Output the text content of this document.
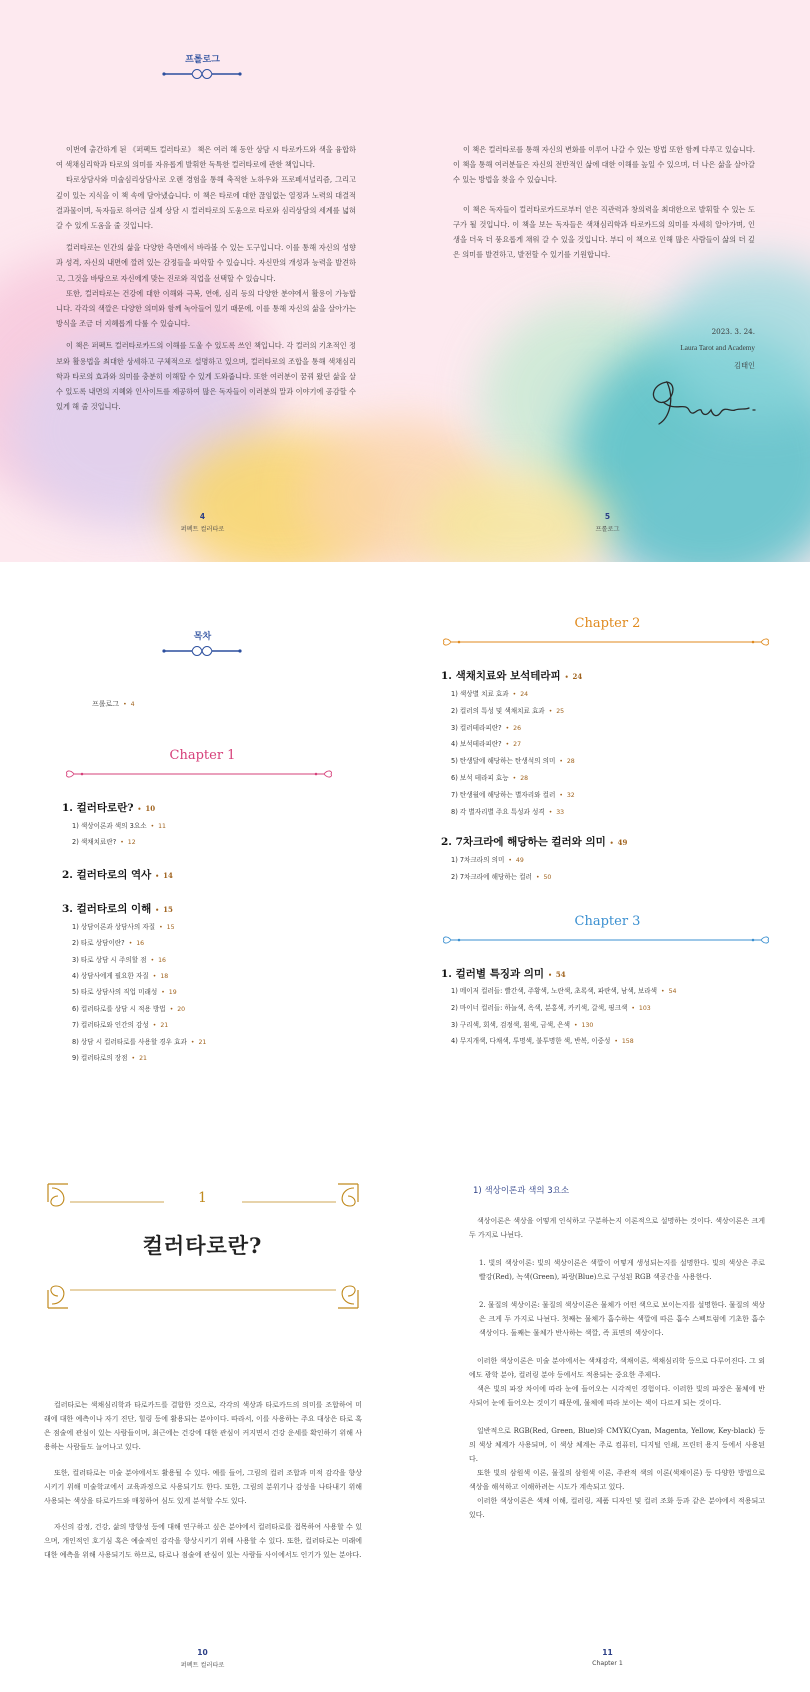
프롤로그
이번에 출간하게 된 《퍼펙트 컬러타로》 책은 여러 해 동안 상담 시 타로카드와 색을 융합하여 색채심리학과 타로의 의미를 자유롭게 발휘한 독특한 컬러타로에 관한 책입니다.
타로상담사와 미술심리상담사로 오랜 경험을 통해 축적한 노하우와 프로페셔널리즘, 그리고 깊이 있는 지식을 이 책 속에 담아냈습니다. 이 책은 타로에 대한 끊임없는 열정과 노력의 대결적 결과물이며, 독자들로 하여금 실제 상담 시 컬러타로의 도움으로 타로와 심리상담의 세계를 넓혀 갈 수 있게 도움을 줄 것입니다.
컬러타로는 인간의 삶을 다양한 측면에서 바라볼 수 있는 도구입니다. 이를 통해 자신의 성향과 성격, 자신의 내면에 깔려 있는 감정들을 파악할 수 있습니다. 자신만의 개성과 능력을 발견하고, 그것을 바탕으로 자신에게 맞는 진로와 직업을 선택할 수 있습니다.
또한, 컬러타로는 건강에 대한 이해와 극복, 연애, 심리 등의 다양한 분야에서 활용이 가능합니다. 각각의 색깔은 다양한 의미와 함께 녹아들어 있기 때문에, 이를 통해 자신의 삶을 살아가는 방식을 조금 더 지혜롭게 다룰 수 있습니다.
이 책은 퍼펙트 컬러타로카드의 이해를 도울 수 있도록 쓰인 책입니다. 각 컬러의 기초적인 정보와 활용법을 최대한 상세하고 구체적으로 설명하고 있으며, 컬러타로의 조합을 통해 색채심리학과 타로의 효과와 의미를 충분히 이해할 수 있게 도와줍니다. 또한 여러분이 꿈꿔 왔던 삶을 살 수 있도록 내면의 지혜와 인사이트를 제공하여 많은 독자들이 이러분의 말과 이야기에 공감할 수 있게 해 줄 것입니다.
4
퍼펙트 컬러타로
이 책은 컬러타로를 통해 자신의 변화를 이루어 나갈 수 있는 방법 또한 함께 다루고 있습니다. 이 책을 통해 여러분들은 자신의 전반적인 삶에 대한 이해를 높일 수 있으며, 더 나은 삶을 살아갈 수 있는 방법을 찾을 수 있습니다.
이 책은 독자들이 컬러타로카드로부터 얻은 직관력과 창의력을 최대한으로 발휘할 수 있는 도구가 될 것입니다. 이 책을 보는 독자들은 색채심리학과 타로카드의 의미를 자세히 알아가며, 인생을 더욱 더 풍요롭게 채워 갈 수 있을 것입니다. 부디 이 책으로 인해 많은 사람들이 삶의 더 깊은 의미를 발견하고, 발전할 수 있기를 기원합니다.
2023. 3. 24.
Laura Tarot and Academy
김태인
5
프롤로그
목차
프롤로그 • 4
Chapter 1
1. 컬러타로란? • 10
1) 색상이론과 색의 3요소 • 11
2) 색채치료란? • 12
2. 컬러타로의 역사 • 14
3. 컬러타로의 이해 • 15
1) 상담이론과 상담사의 자질 • 15
2) 타로 상담이란? • 16
3) 타로 상담 시 주의할 점 • 16
4) 상담사에게 필요한 자질 • 18
5) 타로 상담사의 직업 미래성 • 19
6) 컬러타로를 상담 시 적용 방법 • 20
7) 컬러타로와 인간의 감성 • 21
8) 상담 시 컬러타로를 사용할 경우 효과 • 21
9) 컬러타로의 장점 • 21
Chapter 2
1. 색채치료와 보석테라피 • 24
1) 색상별 치료 효과 • 24
2) 컬러의 특성 및 색채치료 효과 • 25
3) 컬러테라피란? • 26
4) 보석테라피란? • 27
5) 탄생달에 해당하는 탄생석의 의미 • 28
6) 보석 테라피 효능 • 28
7) 탄생월에 해당하는 별자리와 컬러 • 32
8) 각 별자리별 주요 특성과 성격 • 33
2. 7차크라에 해당하는 컬러와 의미 • 49
1) 7차크라의 의미 • 49
2) 7차크라에 해당하는 컬러 • 50
Chapter 3
1. 컬러별 특징과 의미 • 54
1) 메이저 컬러들: 빨간색, 주황색, 노란색, 초록색, 파란색, 남색, 보라색 • 54
2) 마이너 컬러들: 하늘색, 옥색, 분홍색, 카키색, 갈색, 핑크색 • 103
3) 구리색, 회색, 검정색, 흰색, 금색, 은색 • 130
4) 무지개색, 다채색, 투명색, 불투명한 색, 반복, 이중성 • 158
1
컬러타로란?
컬러타로는 색채심리학과 타로카드를 결합한 것으로, 각각의 색상과 타로카드의 의미를 조합하여 미래에 대한 예측이나 자기 진단, 힐링 등에 활용되는 분야이다. 따라서, 이를 사용하는 주요 대상은 타로 혹은 점술에 관심이 있는 사람들이며, 최근에는 건강에 대한 관심이 커지면서 건강 운세를 확인하기 위해 사용하는 사람들도 늘어나고 있다.
또한, 컬러타로는 미술 분야에서도 활용될 수 있다. 예를 들어, 그림의 컬러 조합과 미적 감각을 향상시키기 위해 미술학교에서 교육과정으로 사용되기도 한다. 또한, 그림의 분위기나 감성을 나타내기 위해 사용되는 색상을 타로카드와 매칭하여 심도 있게 분석할 수도 있다.
자신의 감정, 건강, 삶의 방향성 등에 대해 연구하고 싶은 분야에서 컬러타로를 접목하여 사용할 수 있으며, 개인적인 호기심 혹은 예술적인 감각을 향상시키기 위해 사용할 수 있다. 또한, 컬러타로는 미래에 대한 예측을 위해 사용되기도 하므로, 타로나 점술에 관심이 있는 사람들 사이에서도 인기가 있는 분야다.
10
퍼펙트 컬러타로
1) 색상이론과 색의 3요소
색상이론은 색상을 어떻게 인식하고 구분하는지 이론적으로 설명하는 것이다. 색상이론은 크게 두 가지로 나뉜다.
1. 빛의 색상이론: 빛의 색상이론은 색깔이 어떻게 생성되는지를 설명한다. 빛의 색상은 주로 빨강(Red), 녹색(Green), 파랑(Blue)으로 구성된 RGB 색공간을 사용한다.
2. 물질의 색상이론: 물질의 색상이론은 물체가 어떤 색으로 보이는지를 설명한다. 물질의 색상은 크게 두 가지로 나뉜다. 첫째는 물체가 흡수하는 색깔에 따른 흡수 스펙트럼에 기초한 흡수 색상이다. 둘째는 물체가 반사하는 색깔, 즉 표면의 색상이다.
이러한 색상이론은 미술 분야에서는 색채감각, 색채이론, 색채심리학 등으로 다루어진다. 그 외에도 광학 분야, 컬러링 분야 등에서도 적용되는 중요한 주제다.
색은 빛의 파장 차이에 따라 눈에 들어오는 시각적인 경험이다. 이러한 빛의 파장은 물체에 반사되어 눈에 들어오는 것이기 때문에, 물체에 따라 보이는 색이 다르게 되는 것이다.
일반적으로 RGB(Red, Green, Blue)와 CMYK(Cyan, Magenta, Yellow, Key-black) 등의 색상 체계가 사용되며, 이 색상 체계는 주로 컴퓨터, 디지털 인쇄, 프린터 용지 등에서 사용된다.
또한 빛의 삼원색 이론, 물질의 삼원색 이론, 주관적 색의 이론(색채이론) 등 다양한 방법으로 색상을 해석하고 이해하려는 시도가 계속되고 있다.
이러한 색상이론은 색채 이해, 컬러링, 제품 디자인 및 컬러 조화 등과 같은 분야에서 적용되고 있다.
11
Chapter 1
